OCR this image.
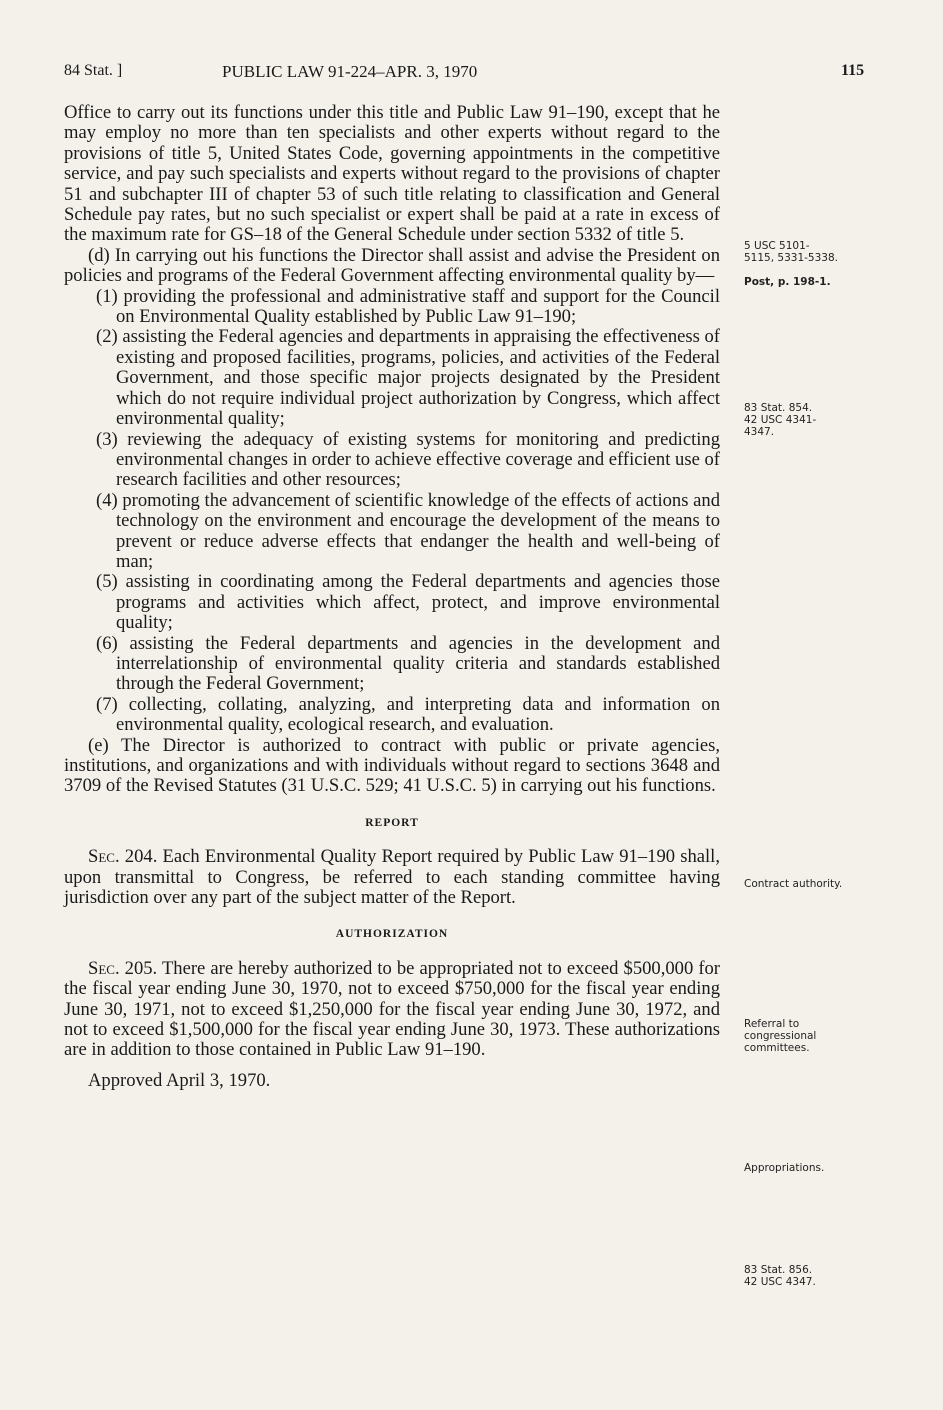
84 Stat. ]	PUBLIC LAW 91-224–APR. 3, 1970	115

Office to carry out its functions under this title and Public Law 91–190, except that he may employ no more than ten specialists and other experts without regard to the provisions of title 5, United States Code, governing appointments in the competitive service, and pay such specialists and experts without regard to the provisions of chapter 51 and subchapter III of chapter 53 of such title relating to classification and General Schedule pay rates, but no such specialist or expert shall be paid at a rate in excess of the maximum rate for GS–18 of the General Schedule under section 5332 of title 5.

(d) In carrying out his functions the Director shall assist and advise the President on policies and programs of the Federal Government affecting environmental quality by—

(1) providing the professional and administrative staff and support for the Council on Environmental Quality established by Public Law 91–190;

(2) assisting the Federal agencies and departments in appraising the effectiveness of existing and proposed facilities, programs, policies, and activities of the Federal Government, and those specific major projects designated by the President which do not require individual project authorization by Congress, which affect environmental quality;

(3) reviewing the adequacy of existing systems for monitoring and predicting environmental changes in order to achieve effective coverage and efficient use of research facilities and other resources;

(4) promoting the advancement of scientific knowledge of the effects of actions and technology on the environment and encourage the development of the means to prevent or reduce adverse effects that endanger the health and well-being of man;

(5) assisting in coordinating among the Federal departments and agencies those programs and activities which affect, protect, and improve environmental quality;

(6) assisting the Federal departments and agencies in the development and interrelationship of environmental quality criteria and standards established through the Federal Government;

(7) collecting, collating, analyzing, and interpreting data and information on environmental quality, ecological research, and evaluation.

(e) The Director is authorized to contract with public or private agencies, institutions, and organizations and with individuals without regard to sections 3648 and 3709 of the Revised Statutes (31 U.S.C. 529; 41 U.S.C. 5) in carrying out his functions.

REPORT

Sec. 204. Each Environmental Quality Report required by Public Law 91–190 shall, upon transmittal to Congress, be referred to each standing committee having jurisdiction over any part of the subject matter of the Report.

AUTHORIZATION

Sec. 205. There are hereby authorized to be appropriated not to exceed $500,000 for the fiscal year ending June 30, 1970, not to exceed $750,000 for the fiscal year ending June 30, 1971, not to exceed $1,250,000 for the fiscal year ending June 30, 1972, and not to exceed $1,500,000 for the fiscal year ending June 30, 1973. These authorizations are in addition to those contained in Public Law 91–190.

Approved April 3, 1970.

5 USC 5101-
5115, 5331-5338.
Post, p. 198-1.
83 Stat. 854.
42 USC 4341-
4347.
Contract authority.
Referral to congressional committees.
Appropriations.
83 Stat. 856.
42 USC 4347.
